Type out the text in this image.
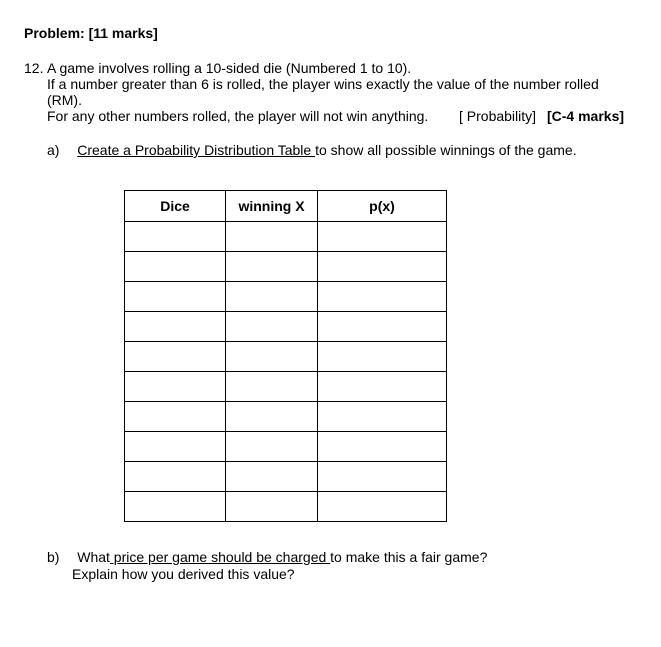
Problem: [11 marks]
12. A game involves rolling a 10-sided die (Numbered 1 to 10).
If a number greater than 6 is rolled, the player wins exactly the value of the number rolled
(RM).
For any other numbers rolled, the player will not win anything. [ Probability] [C-4 marks]
a) Create a Probability Distribution Table to show all possible winnings of the game.
Dice	winning X	p(x)

b) What price per game should be charged to make this a fair game?
Explain how you derived this value?
